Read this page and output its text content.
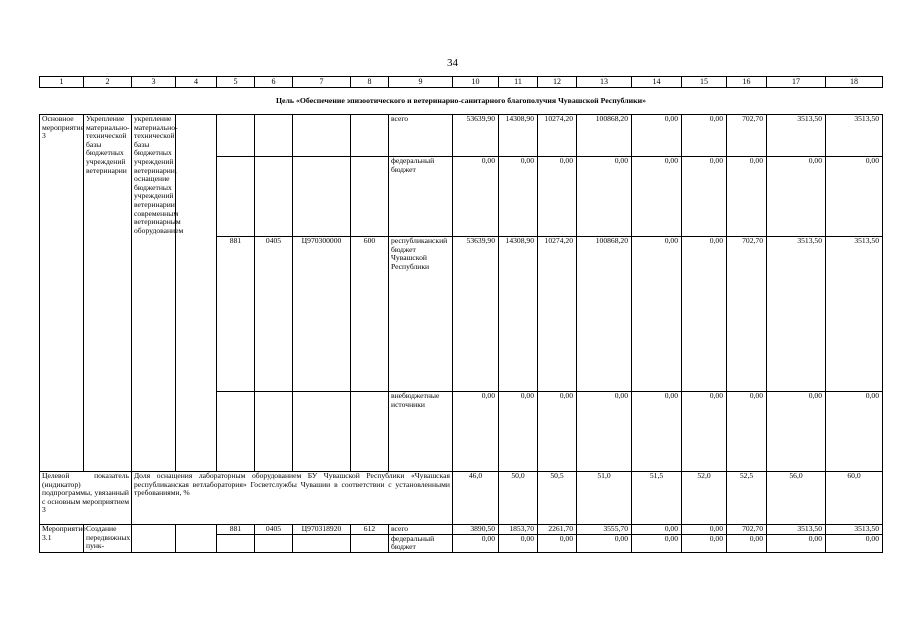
34
1	2	3	4	5	6	7	8	9	10	11	12	13	14	15	16	17	18
Цель «Обеспечение эпизоотического и ветеринарно-санитарного благополучия Чувашской Республики»																	
Основное мероприятие 3	Укрепление материально-технической базы бюджетных учреждений ветеринарии	укрепление материально-технической базы бюджетных учреждений ветеринарии, оснащение бюджетных учреждений ветеринарии современным ветеринарным оборудованием						всего	53639,90	14308,90	10274,20	100868,20	0,00	0,00	702,70	3513,50	3513,50
								федеральный бюджет	0,00	0,00	0,00	0,00	0,00	0,00	0,00	0,00	0,00
				881	0405	Ц970300000	600	республиканский бюджет Чувашской Республики	53639,90	14308,90	10274,20	100868,20	0,00	0,00	702,70	3513,50	3513,50
								внебюджетные источники	0,00	0,00	0,00	0,00	0,00	0,00	0,00	0,00	0,00
Целевой показатель (индикатор) подпрограммы, увязанный с основным мероприятием 3		Доля оснащения лабораторным оборудованием БУ Чувашской Республики «Чувашская республиканская ветлаборатория» Госветслужбы Чувашии в соответствии с установленными требованиями, %							46,0	50,0	50,5	51,0	51,5	52,0	52,5	56,0	60,0
Мероприятие 3.1	Создание передвижных пунк-			881	0405	Ц970318920	612	всего	3890,50	1853,70	2261,70	3555,70	0,00	0,00	702,70	3513,50	3513,50
								федеральный бюджет	0,00	0,00	0,00	0,00	0,00	0,00	0,00	0,00	0,00
